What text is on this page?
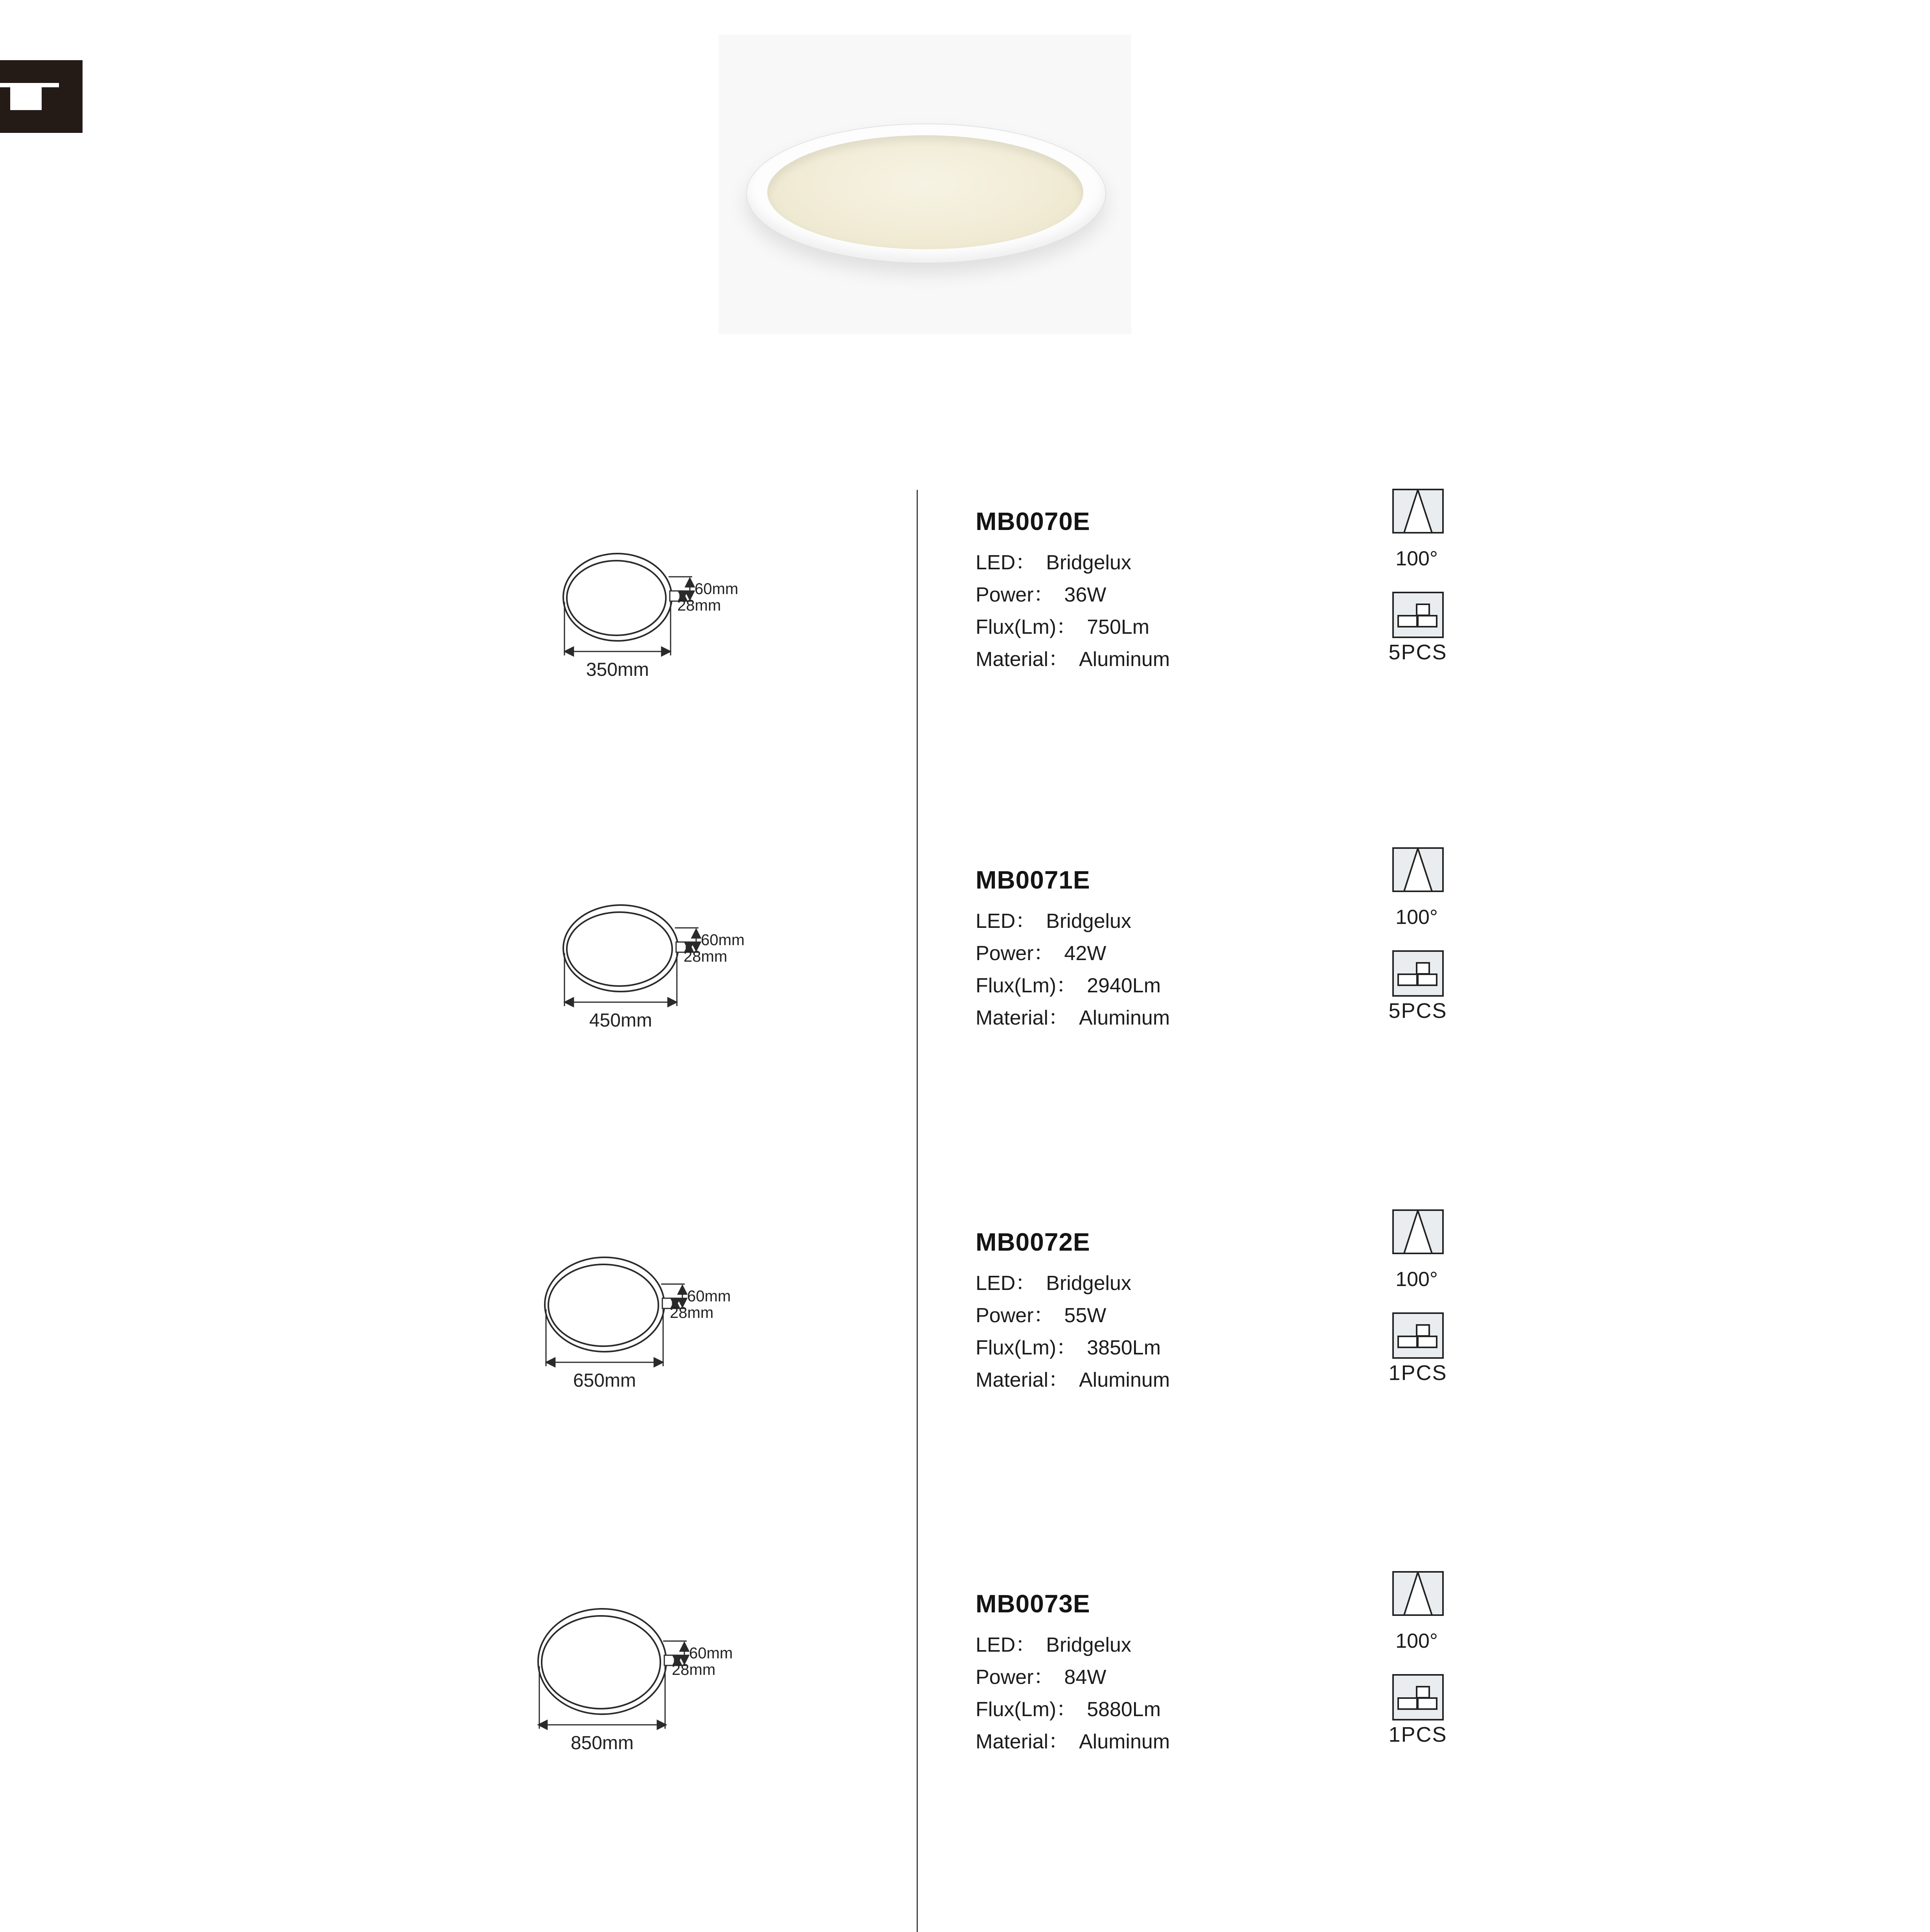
MB0070E
LED： Bridgelux
Power： 36W
Flux(Lm)： 750Lm
Material： Aluminum
100°
5PCS
60mm
28mm
350mm
MB0071E
LED： Bridgelux
Power： 42W
Flux(Lm)： 2940Lm
Material： Aluminum
100°
5PCS
60mm
28mm
450mm
MB0072E
LED： Bridgelux
Power： 55W
Flux(Lm)： 3850Lm
Material： Aluminum
100°
1PCS
60mm
28mm
650mm
MB0073E
LED： Bridgelux
Power： 84W
Flux(Lm)： 5880Lm
Material： Aluminum
100°
1PCS
60mm
28mm
850mm
